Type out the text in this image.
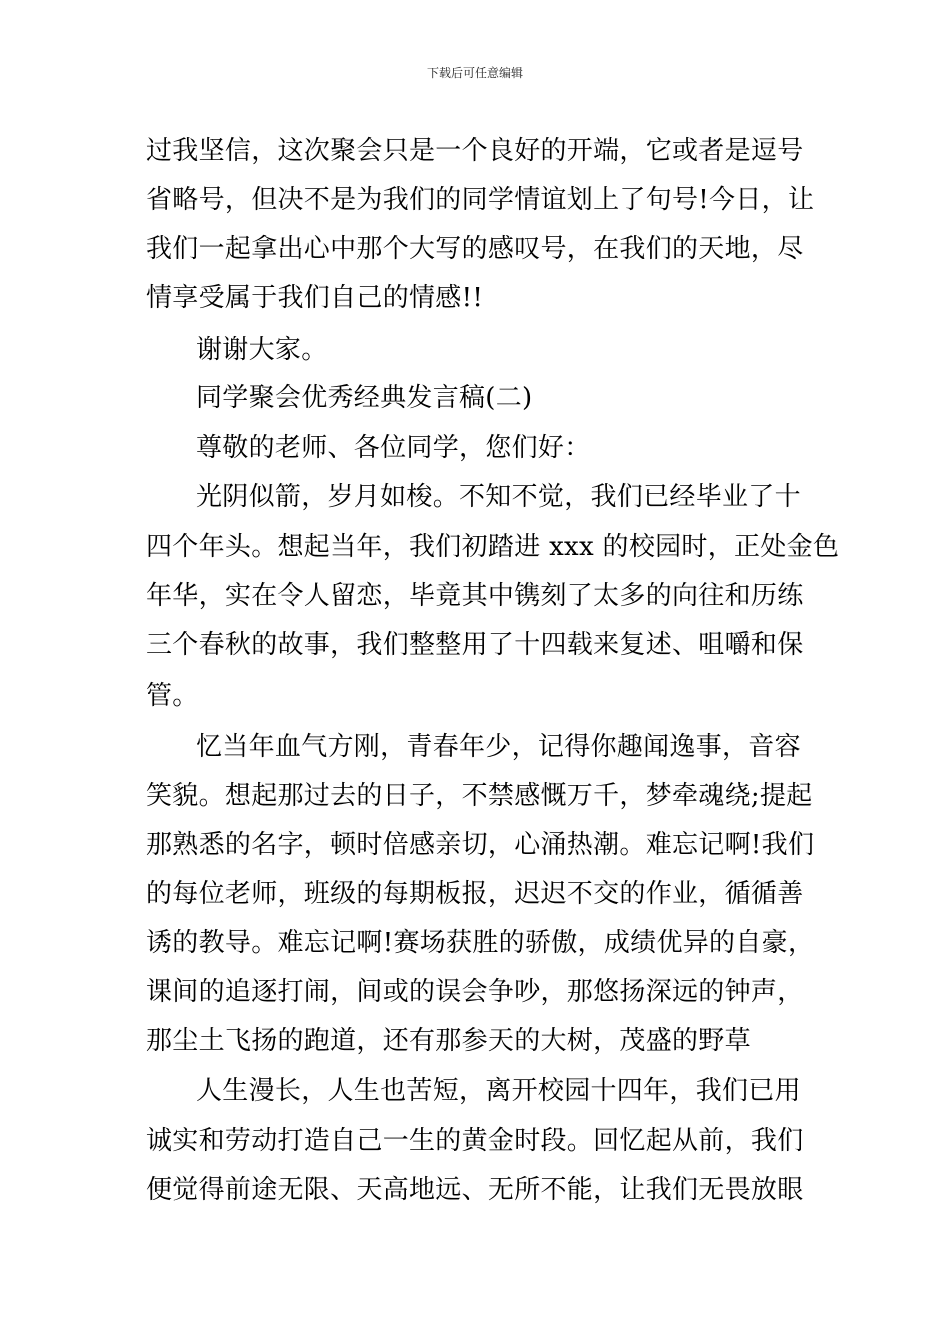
下载后可任意编辑
过我坚信，这次聚会只是一个良好的开端，它或者是逗号
省略号，但决不是为我们的同学情谊划上了句号!今日，让
我们一起拿出心中那个大写的感叹号，在我们的天地，尽
情享受属于我们自己的情感!!
谢谢大家。
同学聚会优秀经典发言稿(二)
尊敬的老师、各位同学，您们好：
光阴似箭，岁月如梭。不知不觉，我们已经毕业了十
四个年头。想起当年，我们初踏进 xxx 的校园时，正处金色
年华，实在令人留恋，毕竟其中镌刻了太多的向往和历练
三个春秋的故事，我们整整用了十四载来复述、咀嚼和保
管。
忆当年血气方刚，青春年少，记得你趣闻逸事，音容
笑貌。想起那过去的日子，不禁感慨万千，梦牵魂绕;提起
那熟悉的名字，顿时倍感亲切，心涌热潮。难忘记啊!我们
的每位老师，班级的每期板报，迟迟不交的作业，循循善
诱的教导。难忘记啊!赛场获胜的骄傲，成绩优异的自豪，
课间的追逐打闹，间或的误会争吵，那悠扬深远的钟声，
那尘土飞扬的跑道，还有那参天的大树，茂盛的野草
人生漫长，人生也苦短，离开校园十四年，我们已用
诚实和劳动打造自己一生的黄金时段。回忆起从前，我们
便觉得前途无限、天高地远、无所不能，让我们无畏放眼
